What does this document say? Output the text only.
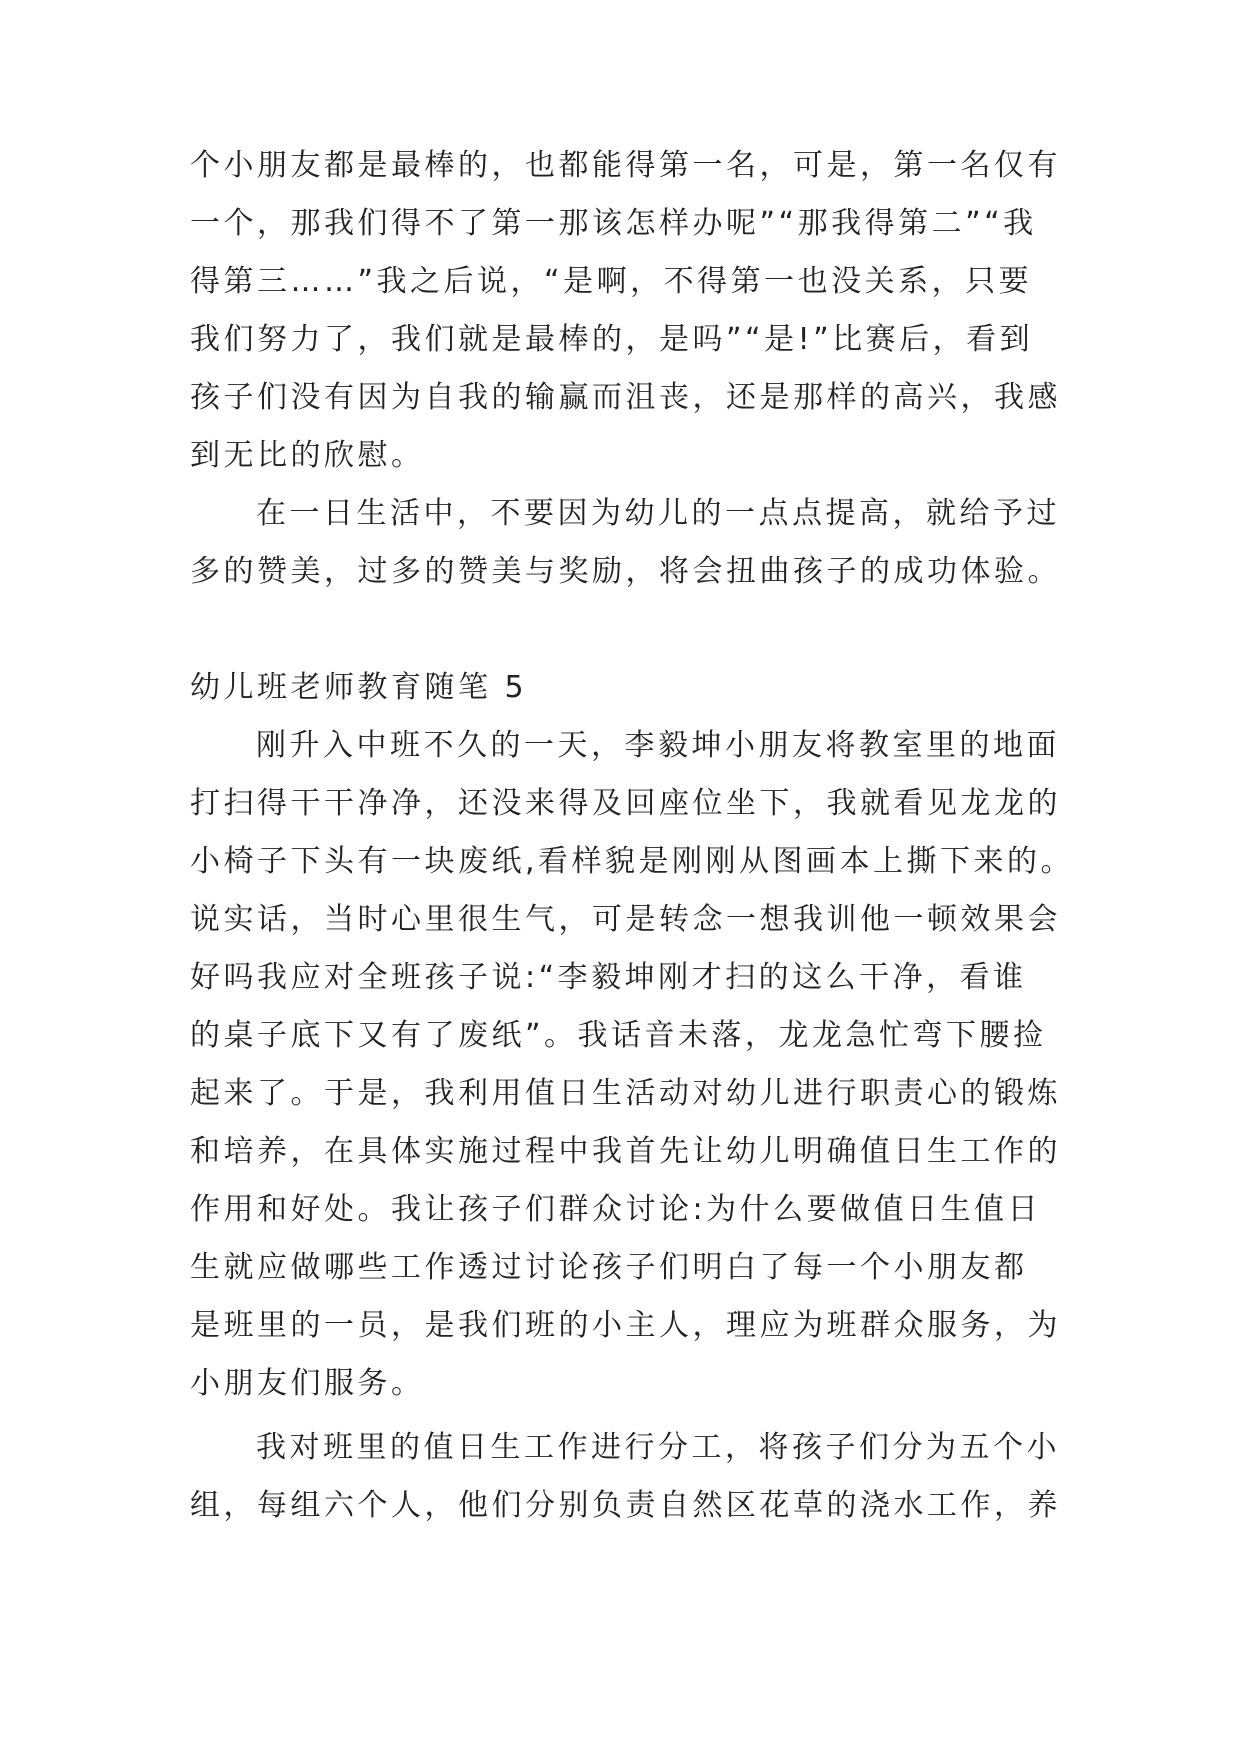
个小朋友都是最棒的，也都能得第一名，可是，第一名仅有
一个，那我们得不了第一那该怎样办呢”“那我得第二”“我
得第三……”我之后说，“是啊，不得第一也没关系，只要
我们努力了，我们就是最棒的，是吗”“是!”比赛后，看到
孩子们没有因为自我的输赢而沮丧，还是那样的高兴，我感
到无比的欣慰。
在一日生活中，不要因为幼儿的一点点提高，就给予过
多的赞美，过多的赞美与奖励，将会扭曲孩子的成功体验。
幼儿班老师教育随笔 5
刚升入中班不久的一天，李毅坤小朋友将教室里的地面
打扫得干干净净，还没来得及回座位坐下，我就看见龙龙的
小椅子下头有一块废纸,看样貌是刚刚从图画本上撕下来的。
说实话，当时心里很生气，可是转念一想我训他一顿效果会
好吗我应对全班孩子说:“李毅坤刚才扫的这么干净，看谁
的桌子底下又有了废纸”。我话音未落，龙龙急忙弯下腰捡
起来了。于是，我利用值日生活动对幼儿进行职责心的锻炼
和培养，在具体实施过程中我首先让幼儿明确值日生工作的
作用和好处。我让孩子们群众讨论:为什么要做值日生值日
生就应做哪些工作透过讨论孩子们明白了每一个小朋友都
是班里的一员，是我们班的小主人，理应为班群众服务，为
小朋友们服务。
我对班里的值日生工作进行分工，将孩子们分为五个小
组，每组六个人，他们分别负责自然区花草的浇水工作，养
